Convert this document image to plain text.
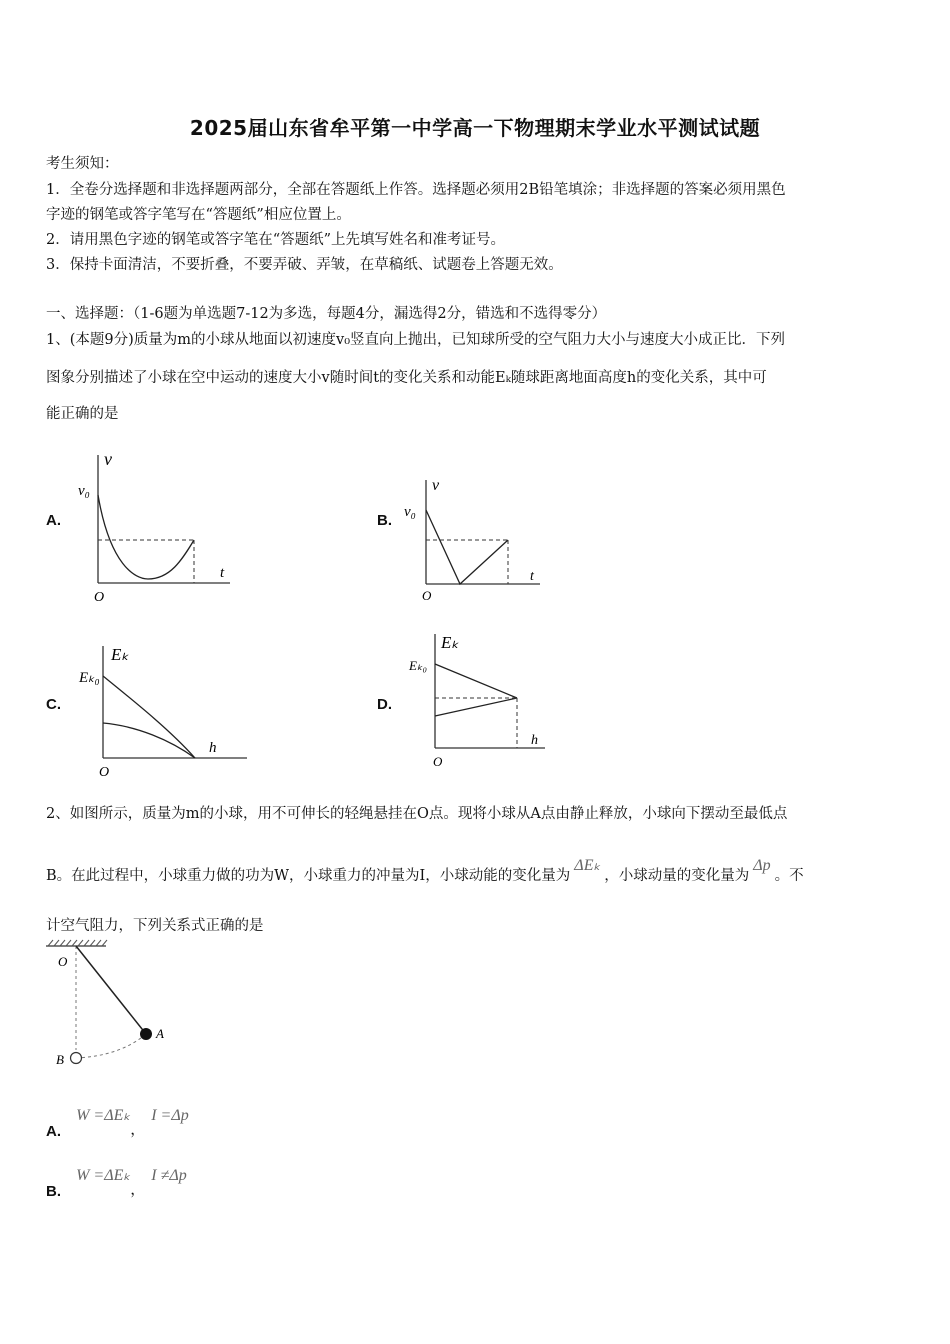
2025届山东省牟平第一中学高一下物理期末学业水平测试试题
考生须知：
1．全卷分选择题和非选择题两部分，全部在答题纸上作答。选择题必须用2B铅笔填涂；非选择题的答案必须用黑色
字迹的钢笔或答字笔写在“答题纸”相应位置上。
2．请用黑色字迹的钢笔或答字笔在“答题纸”上先填写姓名和准考证号。
3．保持卡面清洁，不要折叠，不要弄破、弄皱，在草稿纸、试题卷上答题无效。
一、选择题：（1-6题为单选题7-12为多选，每题4分，漏选得2分，错选和不选得零分）
1、(本题9分)质量为m的小球从地面以初速度v₀竖直向上抛出，已知球所受的空气阻力大小与速度大小成正比．下列
图象分别描述了小球在空中运动的速度大小v随时间t的变化关系和动能Eₖ随球距离地面高度h的变化关系，其中可
能正确的是
A.
v
v₀
t
O
B.
v
v₀
t
O
C.
Eₖ
Eₖ₀
h
O
D.
Eₖ
Eₖ₀
h
O
2、如图所示，质量为m的小球，用不可伸长的轻绳悬挂在O点。现将小球从A点由静止释放，小球向下摆动至最低点
B。在此过程中，小球重力做的功为W，小球重力的冲量为I，小球动能的变化量为ΔEₖ，小球动量的变化量为Δp。不
计空气阻力，下列关系式正确的是
O
A
B
A. W =ΔEₖ，I =Δp
B. W =ΔEₖ，I ≠Δp
